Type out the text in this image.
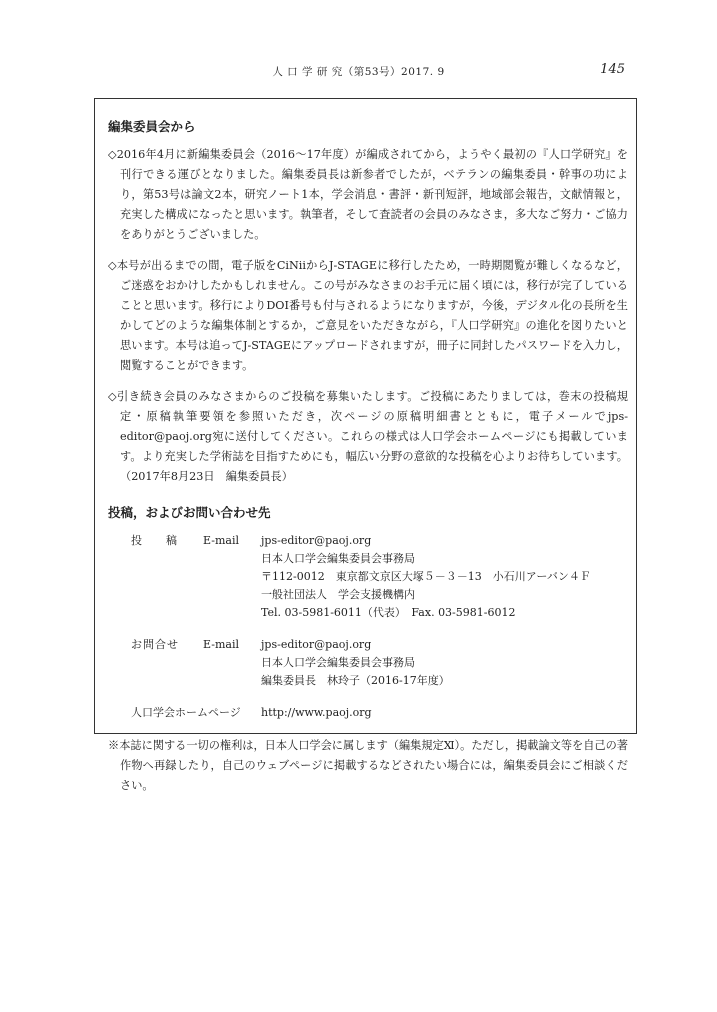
人 口 学 研 究（第53号）2017. 9	145
編集委員会から

◇2016年4月に新編集委員会（2016〜17年度）が編成されてから，ようやく最初の『人口学研究』を刊行できる運びとなりました。編集委員長は新参者でしたが，ベテランの編集委員・幹事の功により，第53号は論文2本，研究ノート1本，学会消息・書評・新刊短評，地域部会報告，文献情報と，充実した構成になったと思います。執筆者，そして査読者の会員のみなさま，多大なご努力・ご協力をありがとうございました。

◇本号が出るまでの間，電子版をCiNiiからJ-STAGEに移行したため，一時期閲覧が難しくなるなど，ご迷惑をおかけしたかもしれません。この号がみなさまのお手元に届く頃には，移行が完了していることと思います。移行によりDOI番号も付与されるようになりますが，今後，デジタル化の長所を生かしてどのような編集体制とするか，ご意見をいただきながら，『人口学研究』の進化を図りたいと思います。本号は追ってJ-STAGEにアップロードされますが，冊子に同封したパスワードを入力し，閲覧することができます。

◇引き続き会員のみなさまからのご投稿を募集いたします。ご投稿にあたりましては，巻末の投稿規定・原稿執筆要領を参照いただき，次ページの原稿明細書とともに，電子メールでjps-editor@paoj.org宛に送付してください。これらの様式は人口学会ホームページにも掲載しています。より充実した学術誌を目指すためにも，幅広い分野の意欲的な投稿を心よりお待ちしています。（2017年8月23日　編集委員長）

投稿，およびお問い合わせ先
投稿 E-mail jps-editor@paoj.org
日本人口学会編集委員会事務局
〒112-0012　東京都文京区大塚５－３－13　小石川アーバン４Ｆ
一般社団法人　学会支援機構内
Tel. 03-5981-6011（代表）　Fax. 03-5981-6012
お問合せ E-mail jps-editor@paoj.org
日本人口学会編集委員会事務局
編集委員長　林玲子（2016-17年度）
人口学会ホームページ http://www.paoj.org

※本誌に関する一切の権利は，日本人口学会に属します（編集規定Ⅺ）。ただし，掲載論文等を自己の著作物へ再録したり，自己のウェブページに掲載するなどされたい場合には，編集委員会にご相談ください。
